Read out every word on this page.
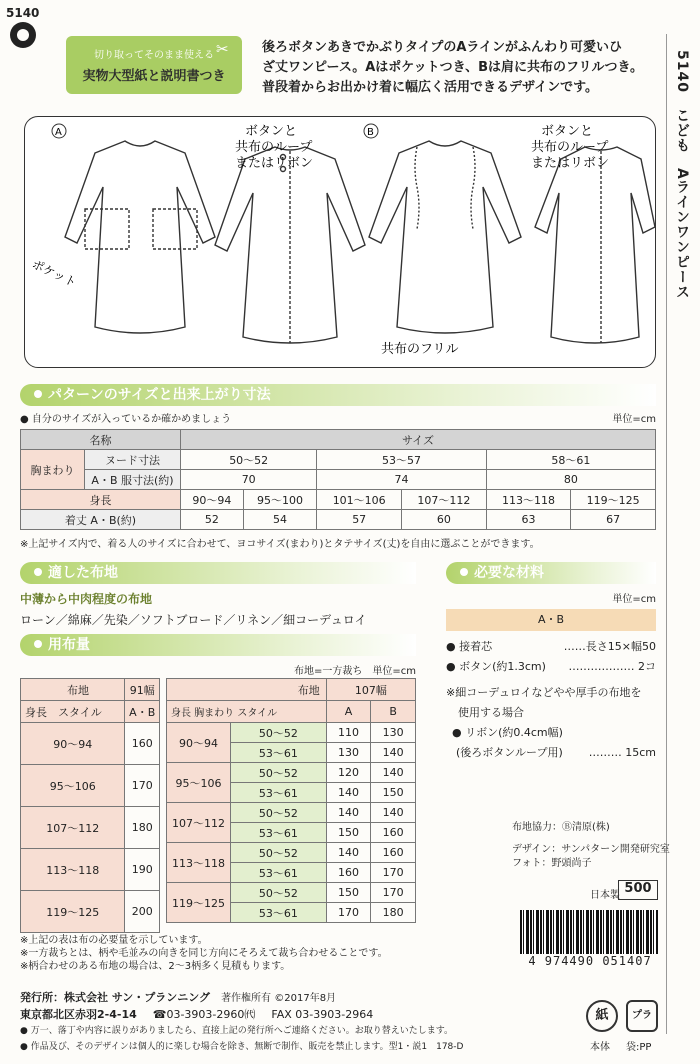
5140
切り取ってそのまま使える
実物大型紙と説明書つき
✂	後ろボタンあきでかぶりタイプのAラインがふんわり可愛いひ
ざ丈ワンピース。Aはポケットつき、Bは肩に共布のフリルつき。
普段着からお出かけ着に幅広く活用できるデザインです。	5140　こども　Aラインワンピース
A	B
ポケット
ボタンと
共布のループ
またはリボン
ボタンと
共布のループ
またはリボン
共布のフリル
パターンのサイズと出来上がり寸法
● 自分のサイズが入っているか確かめましょう	単位=cm
名称		サイズ					
胸まわり	ヌード寸法	50〜52		53〜57		58〜61	
	A・B 服寸法(約)	70		74		80	
身長		90〜94	95〜100	101〜106	107〜112	113〜118	119〜125
着丈 A・B(約)		52	54	57	60	63	67
※上記サイズ内で、着る人のサイズに合わせて、ヨコサイズ(まわり)とタテサイズ(丈)を自由に選ぶことができます。
適した布地
中薄から中肉程度の布地
ローン／綿麻／先染／ソフトブロード／リネン／細コーデュロイ
必要な材料
単位=cm
A・B
● 接着芯	……長さ15×幅50
● ボタン(約1.3cm) ……………… 2コ
※細コーデュロイなどやや厚手の布地を
使用する場合
● リボン(約0.4cm幅)
(後ろボタンループ用) ……… 15cm
用布量
布地=一方裁ち　単位=cm
布地	91幅
身長　 スタイル	A・B
90〜94	160
95〜106	170
107〜112	180
113〜118	190
119〜125	200
布地		107幅	
身長 胸まわり スタイル		A	B
90〜94	50〜52	110	130
	53〜61	130	140
95〜106	50〜52	120	140
	53〜61	140	150
107〜112	50〜52	140	140
	53〜61	150	160
113〜118	50〜52	140	160
	53〜61	160	170
119〜125	50〜52	150	170
	53〜61	170	180
※上記の表は布の必要量を示しています。
※一方裁ちとは、柄や毛並みの向きを同じ方向にそろえて裁ち合わせることです。
※柄合わせのある布地の場合は、2〜3柄多く見積もります。
布地協力：Ⓑ清原(株)
デザイン：サンパターン開発研究室
フォト：野頭尚子
日本製 500
4 974490 051407
発行所：株式会社 サン・プランニング　 著作権所有 ©2017年8月
東京都北区赤羽2-4-14 ☎03-3903-2960㈹ FAX 03-3903-2964
● 万一、落丁や内容に誤りがありましたら、直接上記の発行所へご連絡ください。お取り替えいたします。
● 作品及び、そのデザインは個人的に楽しむ場合を除き、無断で制作、販売を禁止します。型1・説1　178-D
紙
本体
プラ
袋:PP
